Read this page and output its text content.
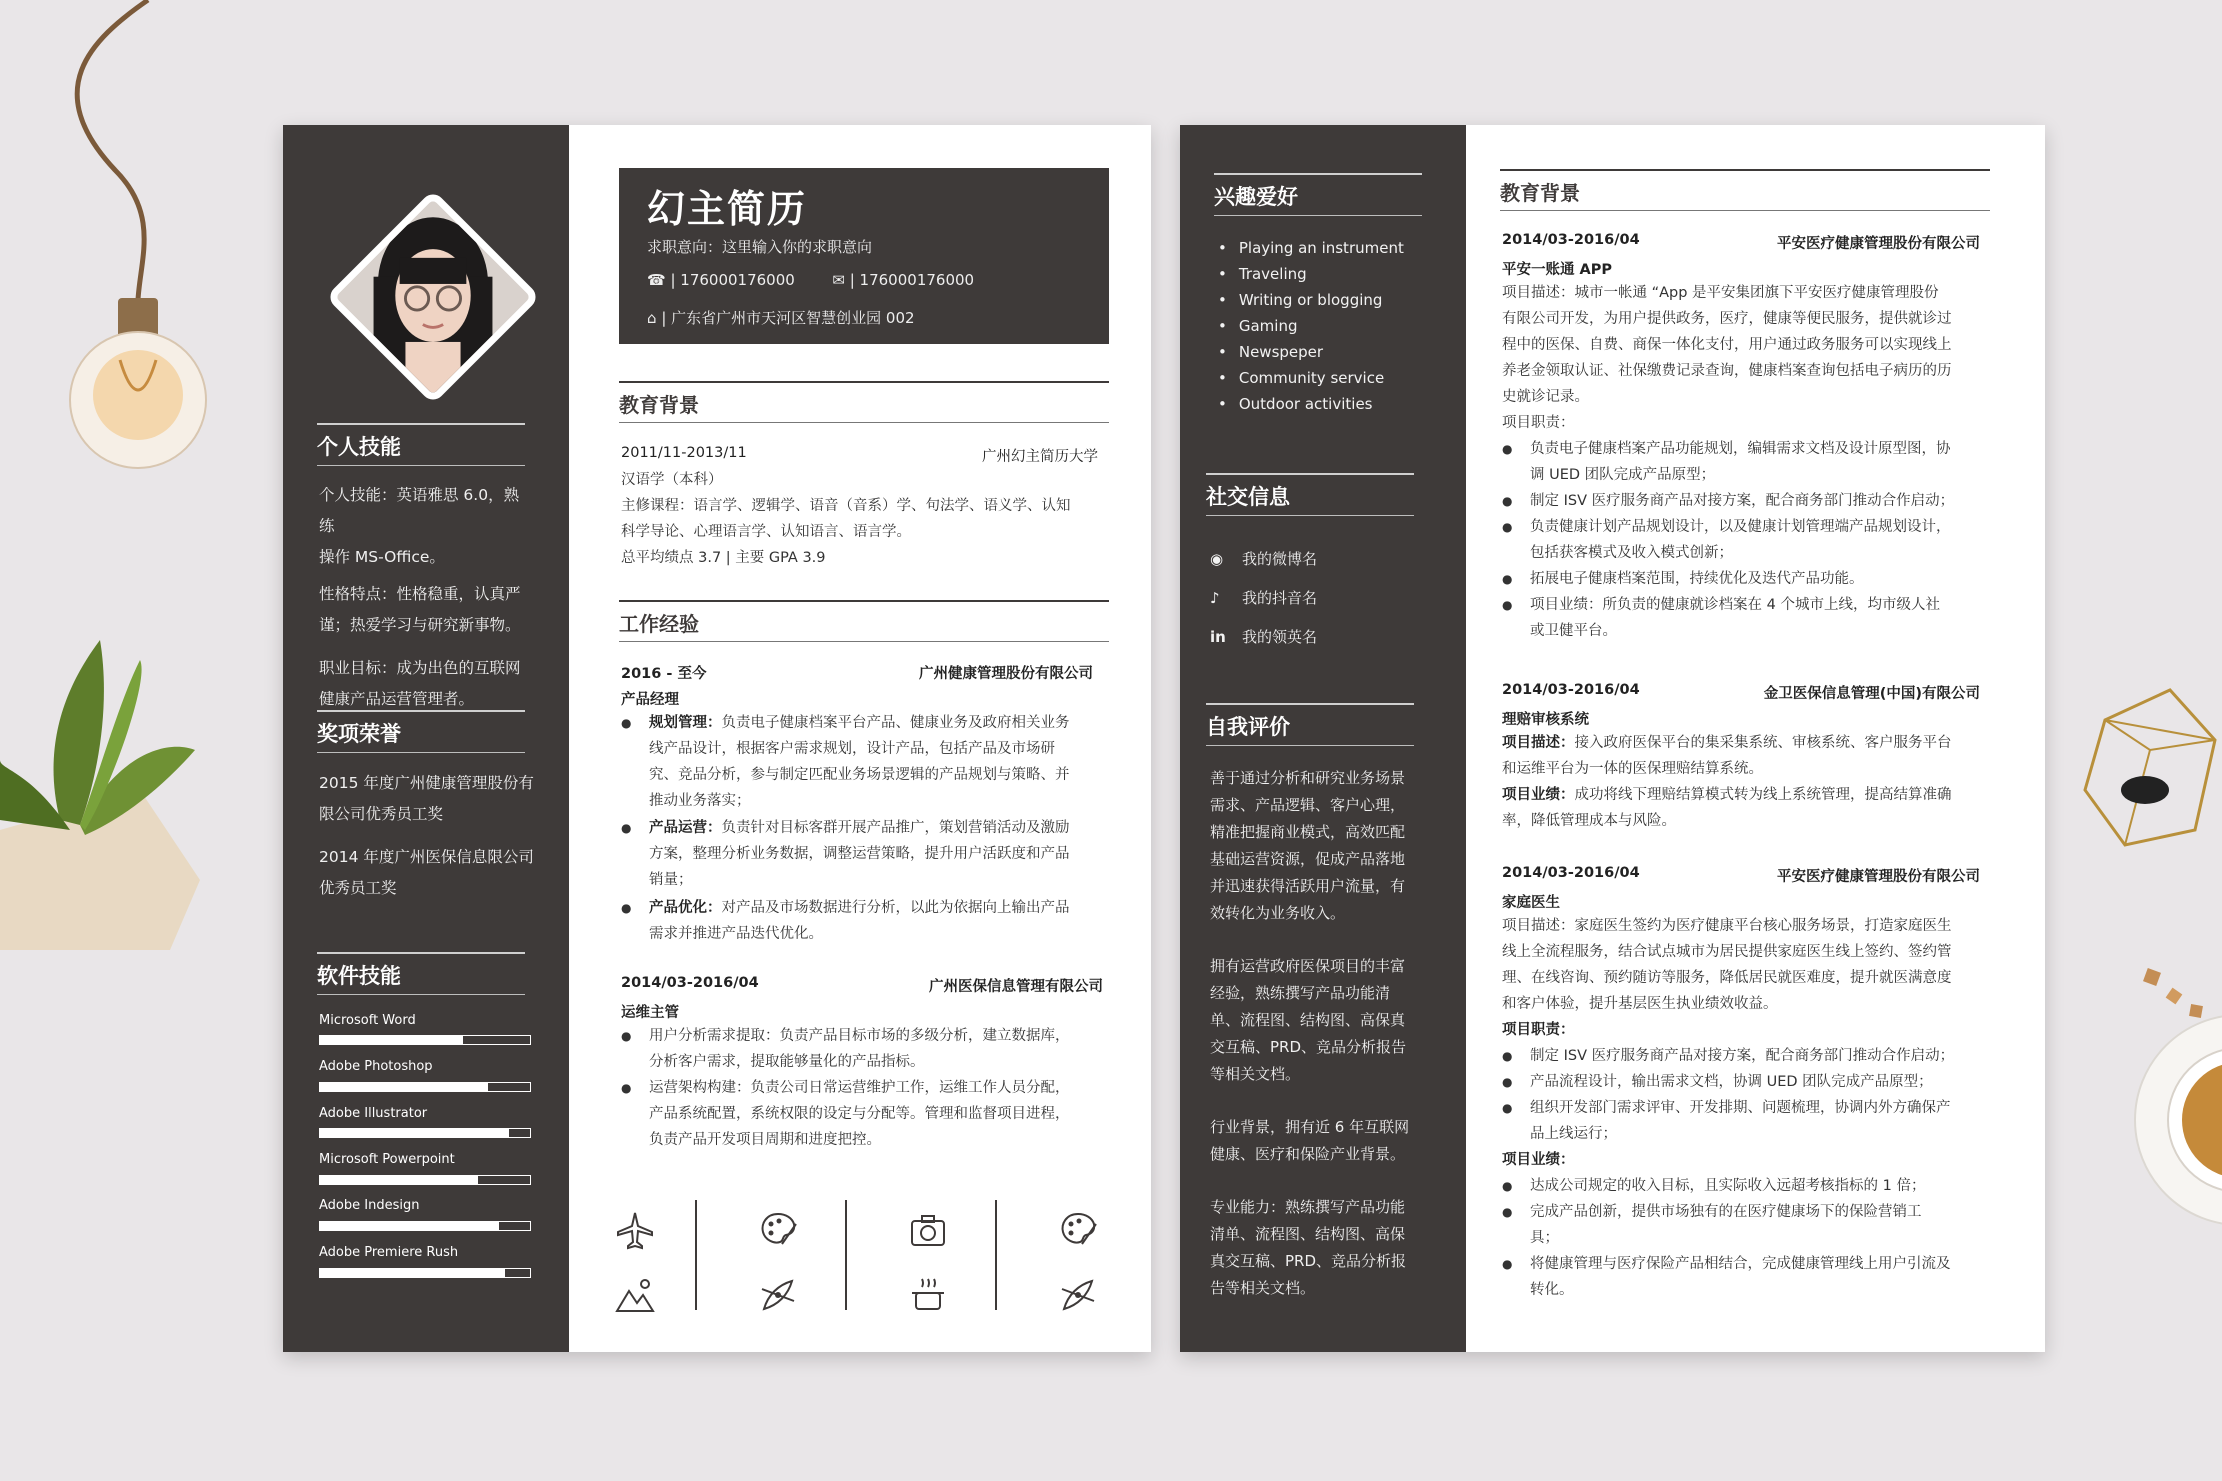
个人技能
个人技能：英语雅思 6.0，熟练
操作 MS-Office。
性格特点：性格稳重，认真严
谨；热爱学习与研究新事物。
职业目标：成为出色的互联网
健康产品运营管理者。
奖项荣誉
2015 年度广州健康管理股份有
限公司优秀员工奖
2014 年度广州医保信息限公司
优秀员工奖
软件技能
Microsoft Word
Adobe Photoshop
Adobe Illustrator
Microsoft Powerpoint
Adobe Indesign
Adobe Premiere Rush
幻主简历
求职意向：这里输入你的求职意向
☎ | 176000176000	✉ | 176000176000
⌂ | 广东省广州市天河区智慧创业园 002
教育背景
2011/11-2013/11	广州幻主简历大学
汉语学（本科）
主修课程：语言学、逻辑学、语音（音系）学、句法学、语义学、认知
科学导论、心理语言学、认知语言、语言学。
总平均绩点 3.7 | 主要 GPA 3.9
工作经验
2016 - 至今	广州健康管理股份有限公司
产品经理
● 规划管理：负责电子健康档案平台产品、健康业务及政府相关业务
线产品设计，根据客户需求规划，设计产品，包括产品及市场研
究、竞品分析，参与制定匹配业务场景逻辑的产品规划与策略、并
推动业务落实；
● 产品运营：负责针对目标客群开展产品推广，策划营销活动及激励
方案，整理分析业务数据，调整运营策略，提升用户活跃度和产品
销量；
● 产品优化：对产品及市场数据进行分析，以此为依据向上输出产品
需求并推进产品迭代优化。
2014/03-2016/04	广州医保信息管理有限公司
运维主管
● 用户分析需求提取：负责产品目标市场的多级分析，建立数据库，
分析客户需求，提取能够量化的产品指标。
● 运营架构构建：负责公司日常运营维护工作，运维工作人员分配，
产品系统配置，系统权限的设定与分配等。管理和监督项目进程，
负责产品开发项目周期和进度把控。
兴趣爱好
• Playing an instrument
• Traveling
• Writing or blogging
• Gaming
• Newspeper
• Community service
• Outdoor activities
社交信息
◉ 我的微博名
♪ 我的抖音名
in 我的领英名
自我评价
善于通过分析和研究业务场景
需求、产品逻辑、客户心理，
精准把握商业模式，高效匹配
基础运营资源，促成产品落地
并迅速获得活跃用户流量，有
效转化为业务收入。
拥有运营政府医保项目的丰富
经验，熟练撰写产品功能清
单、流程图、结构图、高保真
交互稿、PRD、竞品分析报告
等相关文档。
行业背景，拥有近 6 年互联网
健康、医疗和保险产业背景。
专业能力：熟练撰写产品功能
清单、流程图、结构图、高保
真交互稿、PRD、竞品分析报
告等相关文档。
教育背景
2014/03-2016/04	平安医疗健康管理股份有限公司
平安一账通 APP
项目描述：城市一帐通 “App 是平安集团旗下平安医疗健康管理股份
有限公司开发，为用户提供政务，医疗，健康等便民服务，提供就诊过
程中的医保、自费、商保一体化支付，用户通过政务服务可以实现线上
养老金领取认证、社保缴费记录查询，健康档案查询包括电子病历的历
史就诊记录。
项目职责：
● 负责电子健康档案产品功能规划，编辑需求文档及设计原型图，协
调 UED 团队完成产品原型；
● 制定 ISV 医疗服务商产品对接方案，配合商务部门推动合作启动；
● 负责健康计划产品规划设计，以及健康计划管理端产品规划设计，
包括获客模式及收入模式创新；
● 拓展电子健康档案范围，持续优化及迭代产品功能。
● 项目业绩：所负责的健康就诊档案在 4 个城市上线，均市级人社
或卫健平台。
2014/03-2016/04	金卫医保信息管理(中国)有限公司
理赔审核系统
项目描述：接入政府医保平台的集采集系统、审核系统、客户服务平台
和运维平台为一体的医保理赔结算系统。
项目业绩：成功将线下理赔结算模式转为线上系统管理，提高结算准确
率，降低管理成本与风险。
2014/03-2016/04	平安医疗健康管理股份有限公司
家庭医生
项目描述：家庭医生签约为医疗健康平台核心服务场景，打造家庭医生
线上全流程服务，结合试点城市为居民提供家庭医生线上签约、签约管
理、在线咨询、预约随访等服务，降低居民就医难度，提升就医满意度
和客户体验，提升基层医生执业绩效收益。
项目职责：
● 制定 ISV 医疗服务商产品对接方案，配合商务部门推动合作启动；
● 产品流程设计，输出需求文档，协调 UED 团队完成产品原型；
● 组织开发部门需求评审、开发排期、问题梳理，协调内外方确保产
品上线运行；
项目业绩：
● 达成公司规定的收入目标，且实际收入远超考核指标的 1 倍；
● 完成产品创新，提供市场独有的在医疗健康场下的保险营销工
具；
● 将健康管理与医疗保险产品相结合，完成健康管理线上用户引流及
转化。
